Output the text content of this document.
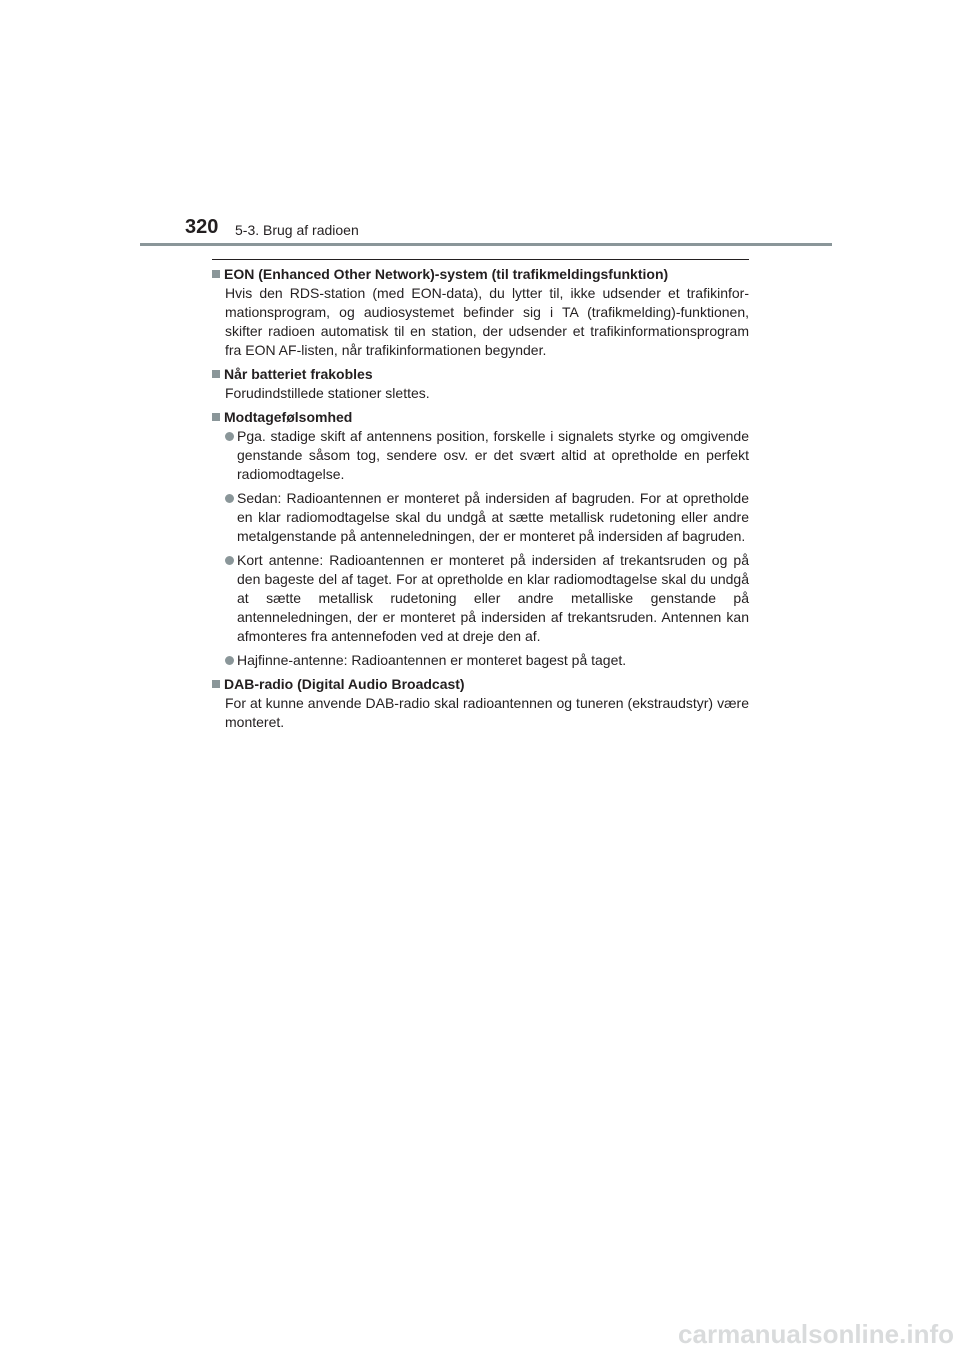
320 5-3. Brug af radioen
EON (Enhanced Other Network)-system (til trafikmeldingsfunktion)
Hvis den RDS-station (med EON-data), du lytter til, ikke udsender et trafikinformationsprogram, og audiosystemet befinder sig i TA (trafikmelding)-funktionen, skifter radioen automatisk til en station, der udsender et trafikinformationsprogram fra EON AF-listen, når trafikinformationen begynder.
Når batteriet frakobles
Forudindstillede stationer slettes.
Modtagefølsomhed
Pga. stadige skift af antennens position, forskelle i signalets styrke og omgivende genstande såsom tog, sendere osv. er det svært altid at opretholde en perfekt radiomodtagelse.
Sedan: Radioantennen er monteret på indersiden af bagruden. For at opretholde en klar radiomodtagelse skal du undgå at sætte metallisk rudetoning eller andre metalgenstande på antenneledningen, der er monteret på indersiden af bagruden.
Kort antenne: Radioantennen er monteret på indersiden af trekantsruden og på den bageste del af taget. For at opretholde en klar radiomodtagelse skal du undgå at sætte metallisk rudetoning eller andre metalliske genstande på antenneledningen, der er monteret på indersiden af trekantsruden. Antennen kan afmonteres fra antennefoden ved at dreje den af.
Hajfinne-antenne: Radioantennen er monteret bagest på taget.
DAB-radio (Digital Audio Broadcast)
For at kunne anvende DAB-radio skal radioantennen og tuneren (ekstraudstyr) være monteret.
carmanualsonline.info
